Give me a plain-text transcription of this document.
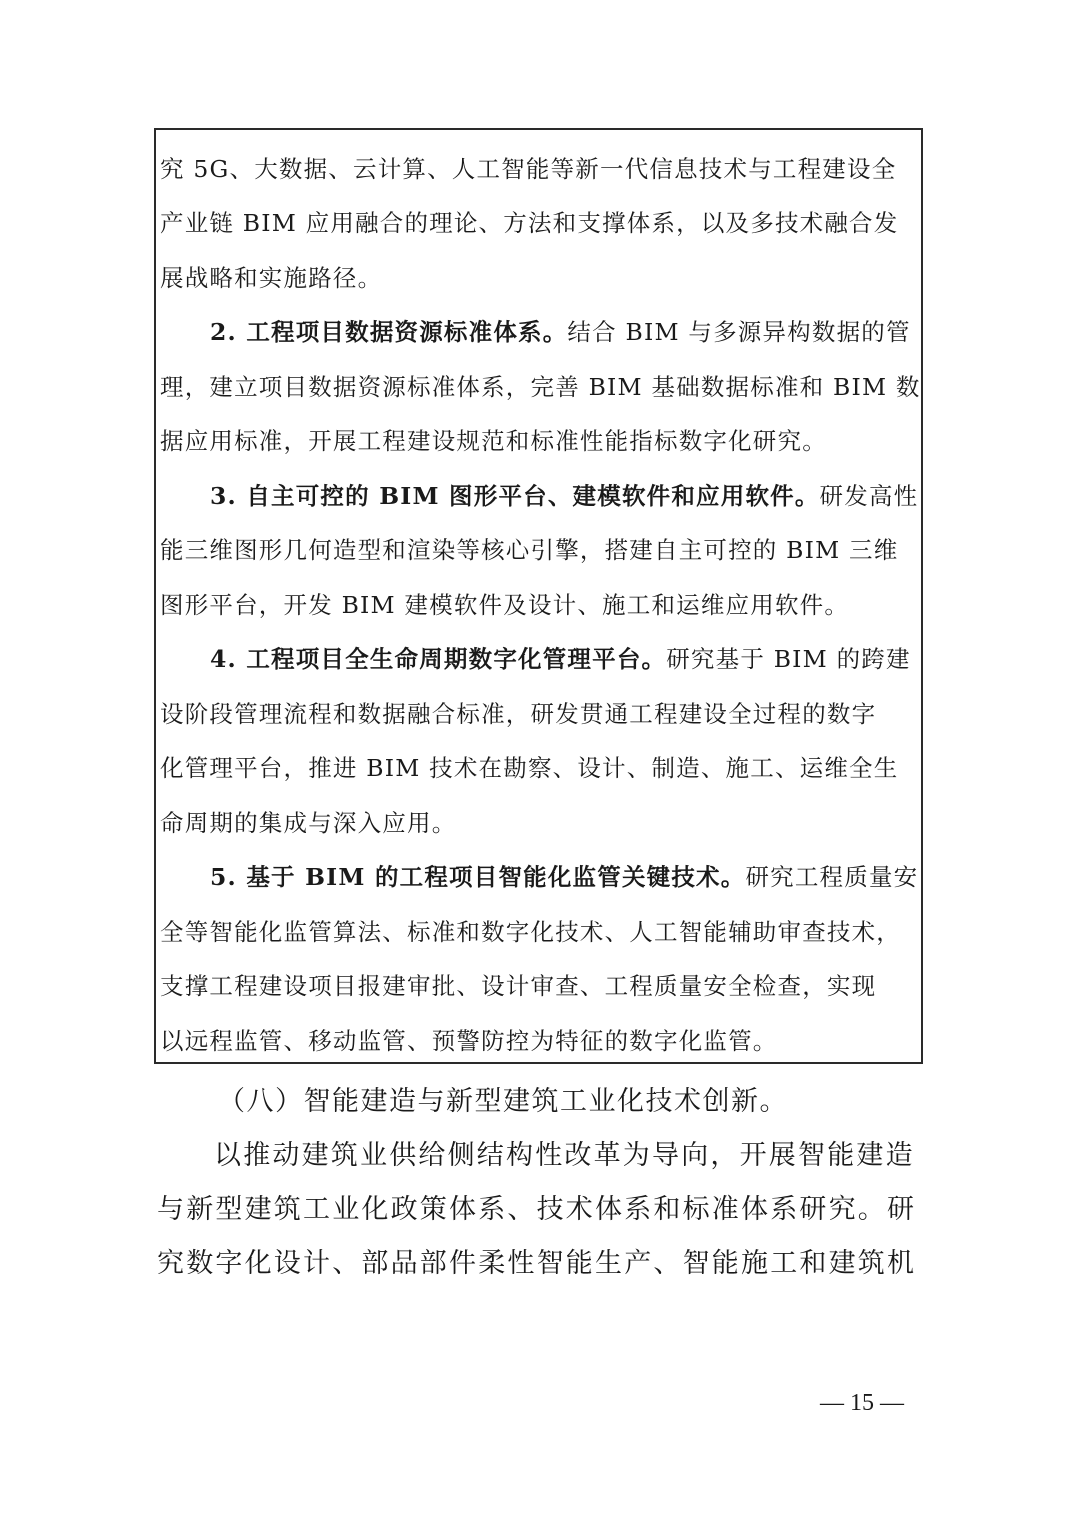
究 5G、大数据、云计算、人工智能等新一代信息技术与工程建设全
产业链 BIM 应用融合的理论、方法和支撑体系，以及多技术融合发
展战略和实施路径。
2. 工程项目数据资源标准体系。结合 BIM 与多源异构数据的管
理，建立项目数据资源标准体系，完善 BIM 基础数据标准和 BIM 数
据应用标准，开展工程建设规范和标准性能指标数字化研究。
3. 自主可控的 BIM 图形平台、建模软件和应用软件。研发高性
能三维图形几何造型和渲染等核心引擎，搭建自主可控的 BIM 三维
图形平台，开发 BIM 建模软件及设计、施工和运维应用软件。
4. 工程项目全生命周期数字化管理平台。研究基于 BIM 的跨建
设阶段管理流程和数据融合标准，研发贯通工程建设全过程的数字
化管理平台，推进 BIM 技术在勘察、设计、制造、施工、运维全生
命周期的集成与深入应用。
5. 基于 BIM 的工程项目智能化监管关键技术。研究工程质量安
全等智能化监管算法、标准和数字化技术、人工智能辅助审查技术，
支撑工程建设项目报建审批、设计审查、工程质量安全检查，实现
以远程监管、移动监管、预警防控为特征的数字化监管。
（八）智能建造与新型建筑工业化技术创新。
以推动建筑业供给侧结构性改革为导向，开展智能建造
与新型建筑工业化政策体系、技术体系和标准体系研究。研
究数字化设计、部品部件柔性智能生产、智能施工和建筑机
— 15 —
